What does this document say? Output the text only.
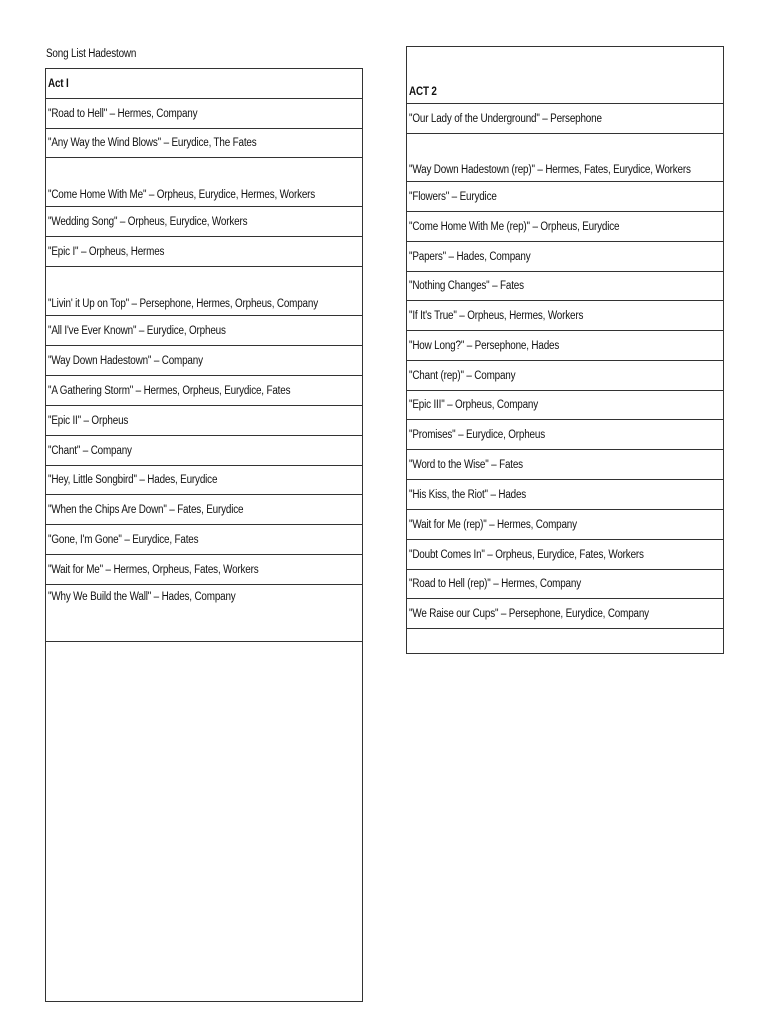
Song List Hadestown
Act I
"Road to Hell" – Hermes, Company
"Any Way the Wind Blows" – Eurydice, The Fates
"Come Home With Me" – Orpheus, Eurydice, Hermes, Workers
"Wedding Song" – Orpheus, Eurydice, Workers
"Epic I" – Orpheus, Hermes
"Livin' it Up on Top" – Persephone, Hermes, Orpheus, Company
"All I've Ever Known" – Eurydice, Orpheus
"Way Down Hadestown" – Company
"A Gathering Storm" – Hermes, Orpheus, Eurydice, Fates
"Epic II" – Orpheus
"Chant" – Company
"Hey, Little Songbird" – Hades, Eurydice
"When the Chips Are Down" – Fates, Eurydice
"Gone, I'm Gone" – Eurydice, Fates
"Wait for Me" – Hermes, Orpheus, Fates, Workers
"Why We Build the Wall" – Hades, Company

ACT 2
"Our Lady of the Underground" – Persephone
"Way Down Hadestown (rep)" – Hermes, Fates, Eurydice, Workers
"Flowers" – Eurydice
"Come Home With Me (rep)" – Orpheus, Eurydice
"Papers" – Hades, Company
"Nothing Changes" – Fates
"If It's True" – Orpheus, Hermes, Workers
"How Long?" – Persephone, Hades
"Chant (rep)" – Company
"Epic III" – Orpheus, Company
"Promises" – Eurydice, Orpheus
"Word to the Wise" – Fates
"His Kiss, the Riot" – Hades
"Wait for Me (rep)" – Hermes, Company
"Doubt Comes In" – Orpheus, Eurydice, Fates, Workers
"Road to Hell (rep)" – Hermes, Company
"We Raise our Cups" – Persephone, Eurydice, Company
